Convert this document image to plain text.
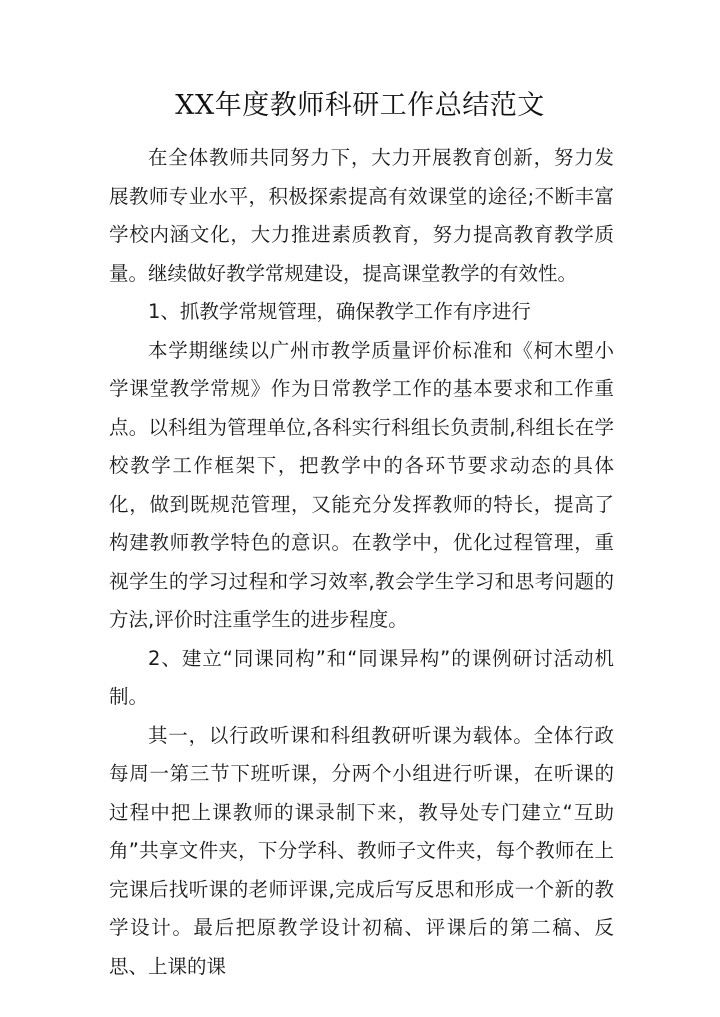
XX年度教师科研工作总结范文

在全体教师共同努力下，大力开展教育创新，努力发展教师专业水平，积极探索提高有效课堂的途径;不断丰富学校内涵文化，大力推进素质教育，努力提高教育教学质量。继续做好教学常规建设，提高课堂教学的有效性。

1、抓教学常规管理，确保教学工作有序进行

本学期继续以广州市教学质量评价标准和《柯木塱小学课堂教学常规》作为日常教学工作的基本要求和工作重点。以科组为管理单位,各科实行科组长负责制,科组长在学校教学工作框架下，把教学中的各环节要求动态的具体化，做到既规范管理，又能充分发挥教师的特长，提高了构建教师教学特色的意识。在教学中，优化过程管理，重视学生的学习过程和学习效率,教会学生学习和思考问题的方法,评价时注重学生的进步程度。

2、建立“同课同构”和“同课异构”的课例研讨活动机制。

其一，以行政听课和科组教研听课为载体。全体行政每周一第三节下班听课，分两个小组进行听课，在听课的过程中把上课教师的课录制下来，教导处专门建立“互助角”共享文件夹，下分学科、教师子文件夹，每个教师在上完课后找听课的老师评课,完成后写反思和形成一个新的教学设计。最后把原教学设计初稿、评课后的第二稿、反思、上课的课
